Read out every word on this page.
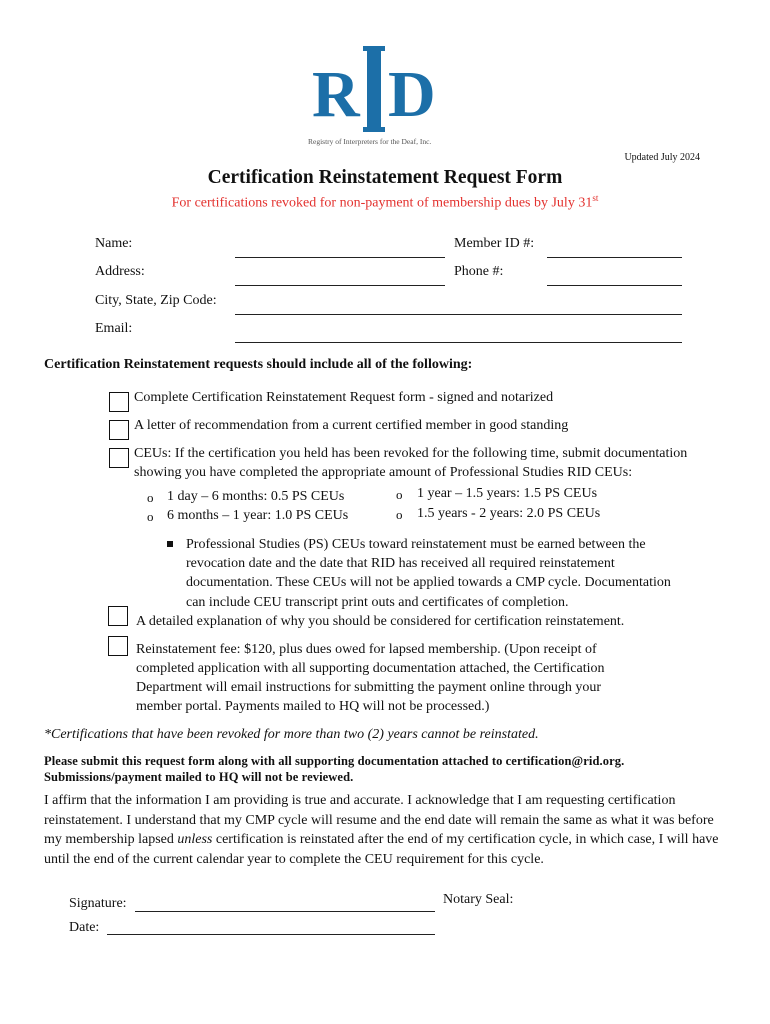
R D
Registry of Interpreters for the Deaf, Inc.
Updated July 2024
Certification Reinstatement Request Form
For certifications revoked for non-payment of membership dues by July 31st
Name:	Member ID #:
Address:	Phone #:
City, State, Zip Code:
Email:
Certification Reinstatement requests should include all of the following:
Complete Certification Reinstatement Request form - signed and notarized
A letter of recommendation from a current certified member in good standing
CEUs: If the certification you held has been revoked for the following time, submit documentation
showing you have completed the appropriate amount of Professional Studies RID CEUs:
o 1 day – 6 months: 0.5 PS CEUs
o 6 months – 1 year: 1.0 PS CEUs
o 1 year – 1.5 years: 1.5 PS CEUs
o 1.5 years - 2 years: 2.0 PS CEUs
Professional Studies (PS) CEUs toward reinstatement must be earned between the
revocation date and the date that RID has received all required reinstatement
documentation. These CEUs will not be applied towards a CMP cycle. Documentation
can include CEU transcript print outs and certificates of completion.
A detailed explanation of why you should be considered for certification reinstatement.
Reinstatement fee: $120, plus dues owed for lapsed membership. (Upon receipt of
completed application with all supporting documentation attached, the Certification
Department will email instructions for submitting the payment online through your
member portal. Payments mailed to HQ will not be processed.)
*Certifications that have been revoked for more than two (2) years cannot be reinstated.
Please submit this request form along with all supporting documentation attached to certification@rid.org.
Submissions/payment mailed to HQ will not be reviewed.
I affirm that the information I am providing is true and accurate. I acknowledge that I am requesting certification reinstatement. I understand that my CMP cycle will resume and the end date will remain the same as what it was before my membership lapsed unless certification is reinstated after the end of my certification cycle, in which case, I will have until the end of the current calendar year to complete the CEU requirement for this cycle.
Signature:	Notary Seal:
Date:
